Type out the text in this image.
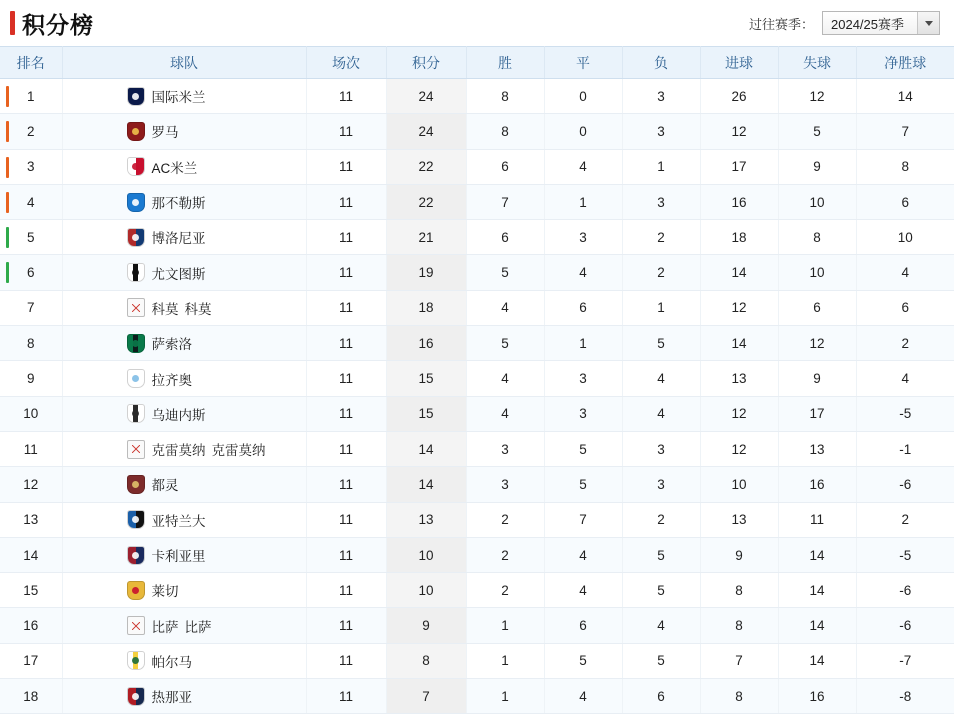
积分榜	过往赛季：	2024/25赛季
排名	球队	场次	积分	胜	平	负	进球	失球	净胜球

1	国际米兰	11	24	8	0	3	26	12	14

2	罗马	11	24	8	0	3	12	5	7

3	AC米兰	11	22	6	4	1	17	9	8

4	那不勒斯	11	22	7	1	3	16	10	6

5	博洛尼亚	11	21	6	3	2	18	8	10

6	尤文图斯	11	19	5	4	2	14	10	4
7	科莫 科莫	11	18	4	6	1	12	6	6
8	萨索洛	11	16	5	1	5	14	12	2
9	拉齐奥	11	15	4	3	4	13	9	4
10	乌迪内斯	11	15	4	3	4	12	17	-5
11	克雷莫纳 克雷莫纳	11	14	3	5	3	12	13	-1
12	都灵	11	14	3	5	3	10	16	-6
13	亚特兰大	11	13	2	7	2	13	11	2
14	卡利亚里	11	10	2	4	5	9	14	-5
15	莱切	11	10	2	4	5	8	14	-6
16	比萨 比萨	11	9	1	6	4	8	14	-6
17	帕尔马	11	8	1	5	5	7	14	-7
18	热那亚	11	7	1	4	6	8	16	-8
